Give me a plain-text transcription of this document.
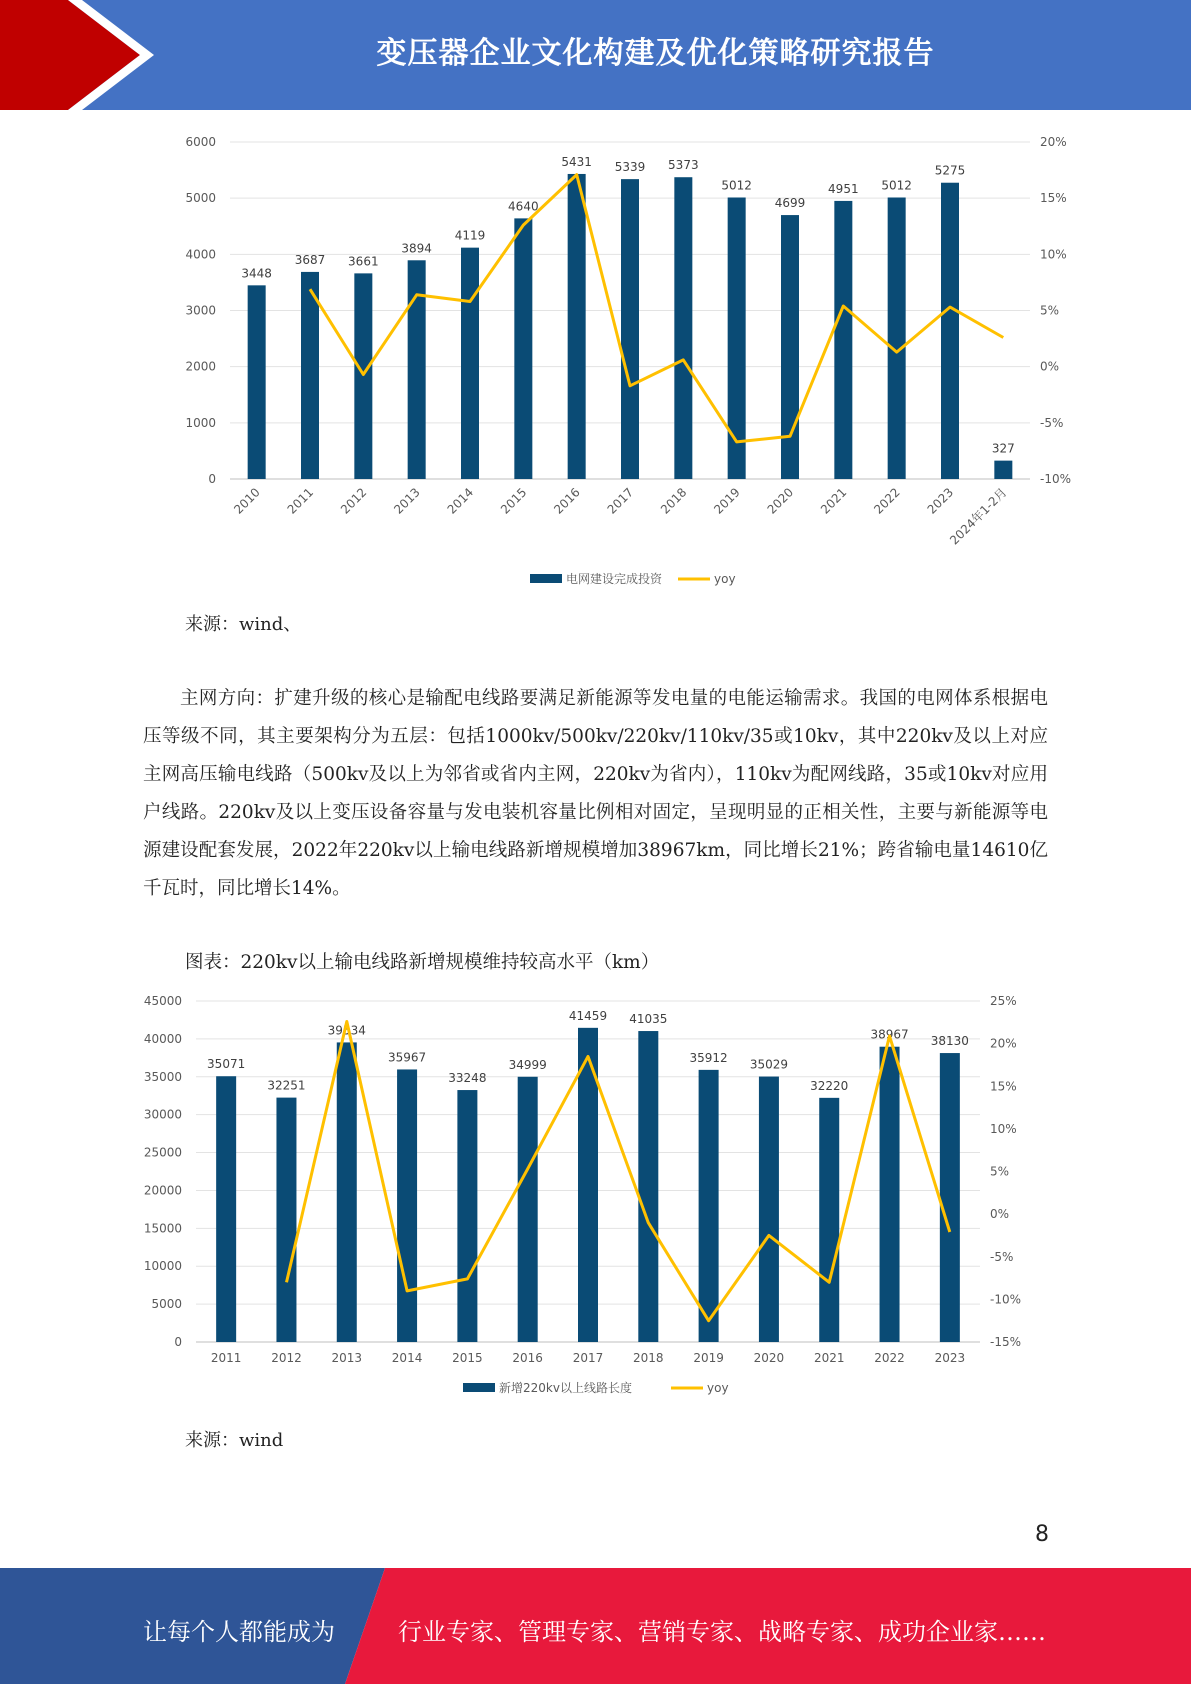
变压器企业文化构建及优化策略研究报告
0
1000
2000
3000
4000
5000
6000
-10%
-5%
0%
5%
10%
15%
20%
3448
2010
3687
2011
3661
2012
3894
2013
4119
2014
4640
2015
5431
2016
5339
2017
5373
2018
5012
2019
4699
2020
4951
2021
5012
2022
5275
2023
327
2024年1-2月
电网建设完成投资	yoy
来源：wind、
主网方向：扩建升级的核心是输配电线路要满足新能源等发电量的电能运输需求。我国的电网体系根据电压等级不同，其主要架构分为五层：包括1000kv/500kv/220kv/110kv/35或10kv，其中220kv及以上对应主网高压输电线路（500kv及以上为邻省或省内主网，220kv为省内），110kv为配网线路，35或10kv对应用户线路。220kv及以上变压设备容量与发电装机容量比例相对固定，呈现明显的正相关性，主要与新能源等电源建设配套发展，2022年220kv以上输电线路新增规模增加38967km，同比增长21%；跨省输电量14610亿千瓦时，同比增长14%。
图表：220kv以上输电线路新增规模维持较高水平（km）
0
5000
10000
15000
20000
25000
30000
35000
40000
45000
-15%
-10%
-5%
0%
5%
10%
15%
20%
25%
35071
2011
32251
2012
39534
2013
35967
2014
33248
2015
34999
2016
41459
2017
41035
2018
35912
2019
35029
2020
32220
2021
38967
2022
38130
2023
新增220kv以上线路长度	yoy
来源：wind
8
让每个人都能成为	行业专家、管理专家、营销专家、战略专家、成功企业家……
